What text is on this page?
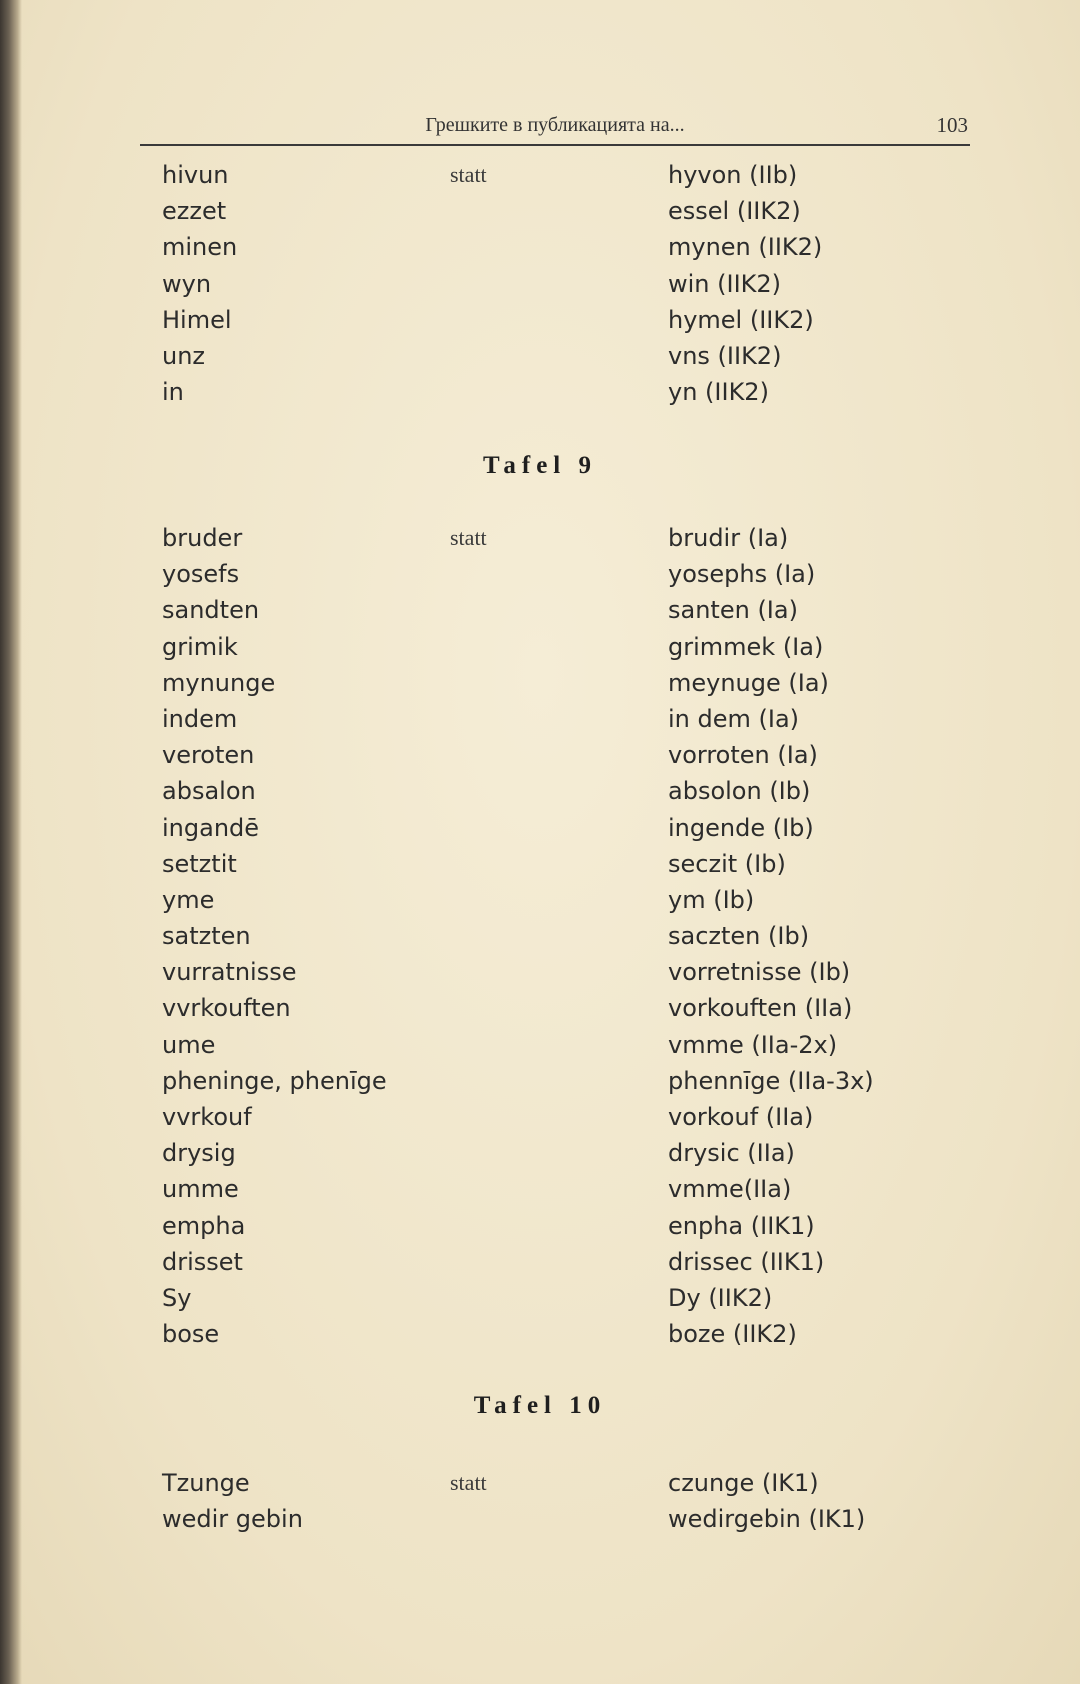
Грешките в публикацията на...	103
hivun	statt	hyvon (IIb)
ezzet	essel (IIK2)
minen	mynen (IIK2)
wyn	win (IIK2)
Himel	hymel (IIK2)
unz	vns (IIK2)
in	yn (IIK2)
Tafel 9
bruder	statt	brudir (Ia)
yosefs	yosephs (Ia)
sandten	santen (Ia)
grimik	grimmek (Ia)
mynunge	meynuge (Ia)
indem	in dem (Ia)
veroten	vorroten (Ia)
absalon	absolon (Ib)
ingandē	ingende (Ib)
setztit	seczit (Ib)
yme	ym (Ib)
satzten	saczten (Ib)
vurratnisse	vorretnisse (Ib)
vvrkouften	vorkouften (IIa)
ume	vmme (IIa-2x)
pheninge, phenīge	phennīge (IIa-3x)
vvrkouf	vorkouf (IIa)
drysig	drysic (IIa)
umme	vmme(IIa)
empha	enpha (IIK1)
drisset	drissec (IIK1)
Sy	Dy (IIK2)
bose	boze (IIK2)
Tafel 10
Tzunge	statt	czunge (IK1)
wedir gebin	wedirgebin (IK1)
